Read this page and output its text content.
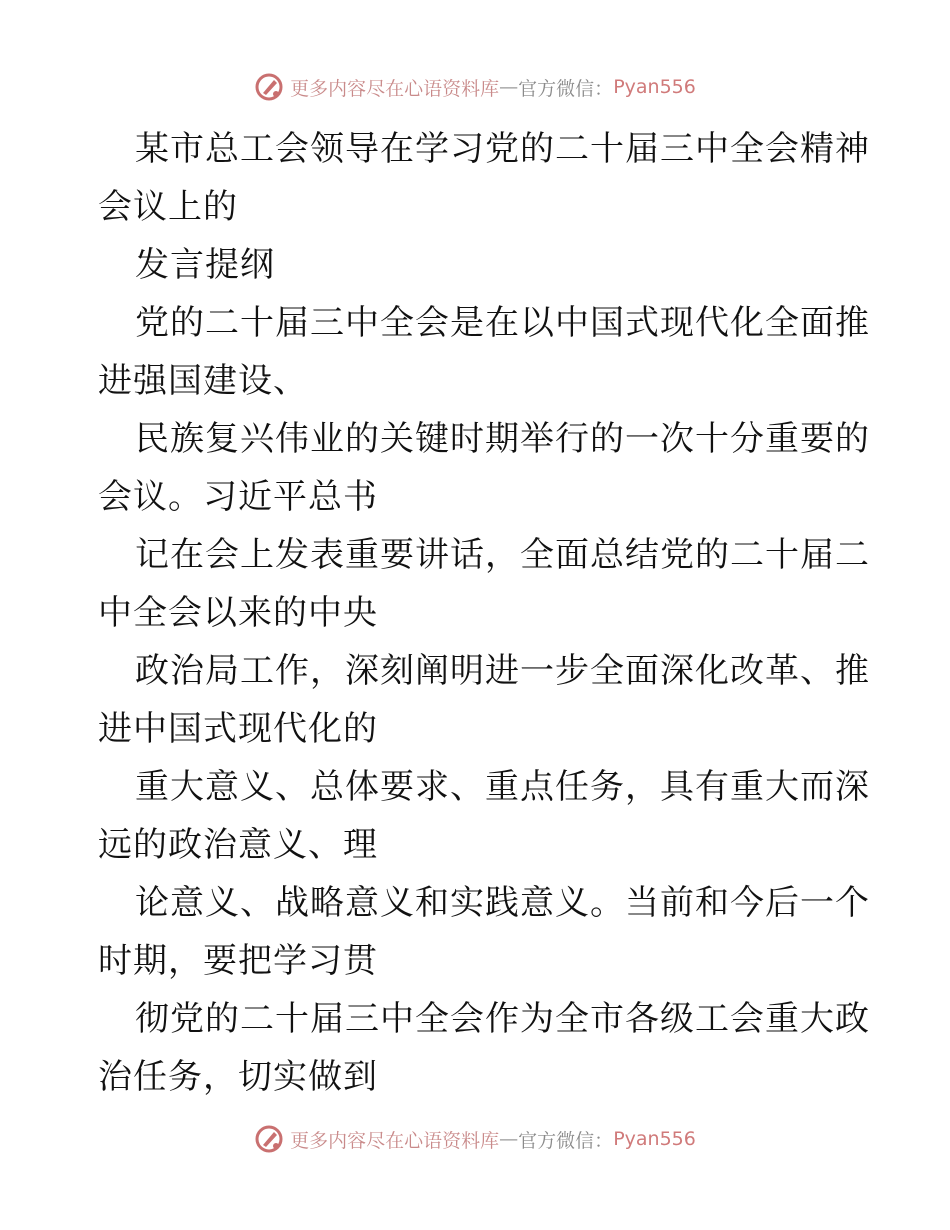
更多内容尽在心语资料库 — 官方微信： Pyan556
某市总工会领导在学习党的二十届三中全会精神
会议上的
发言提纲
党的二十届三中全会是在以中国式现代化全面推
进强国建设、
民族复兴伟业的关键时期举行的一次十分重要的
会议。习近平总书
记在会上发表重要讲话，全面总结党的二十届二
中全会以来的中央
政治局工作，深刻阐明进一步全面深化改革、推
进中国式现代化的
重大意义、总体要求、重点任务，具有重大而深
远的政治意义、理
论意义、战略意义和实践意义。当前和今后一个
时期，要把学习贯
彻党的二十届三中全会作为全市各级工会重大政
治任务，切实做到
更多内容尽在心语资料库 — 官方微信： Pyan556
